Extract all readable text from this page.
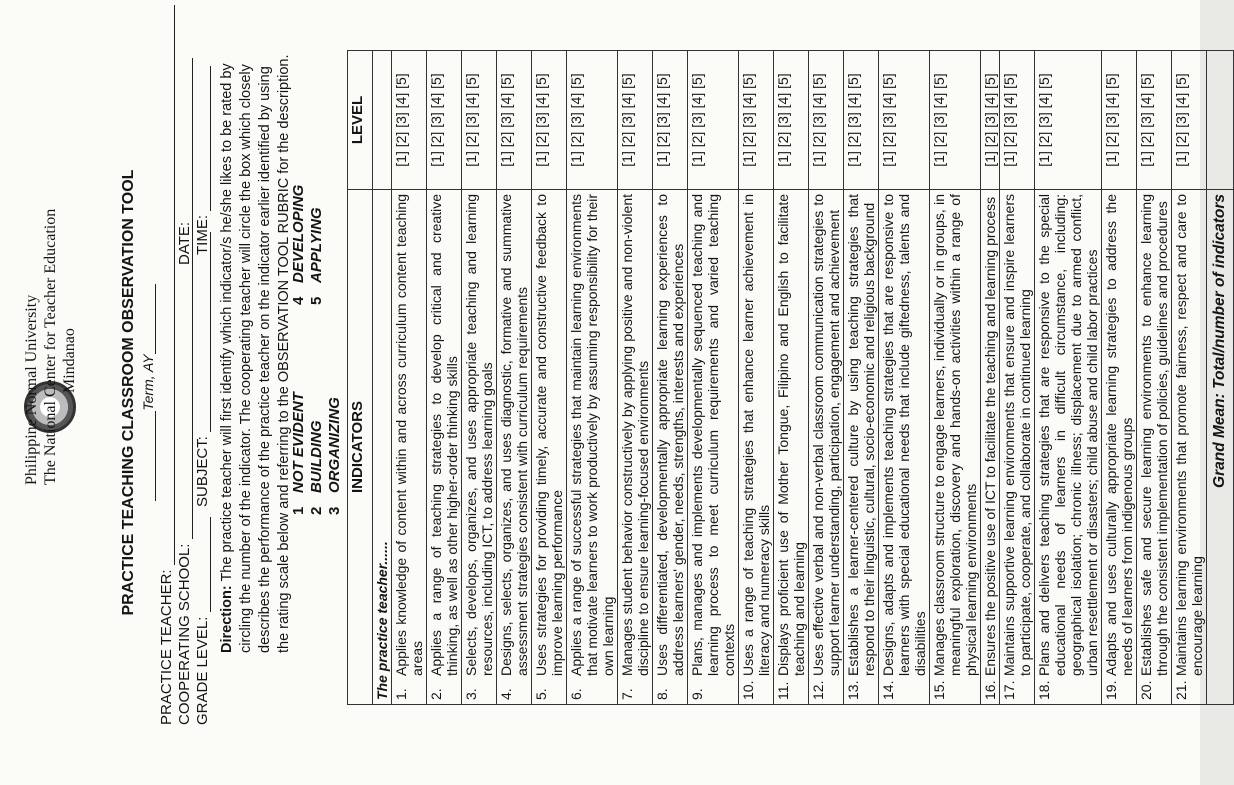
Philippine Normal University The National Center for Teacher Education Mindanao	PRACTICE TEACHING CLASSROOM OBSERVATION TOOL Term, AY
PRACTICE TEACHER: COOPERATING SCHOOL:
DATE:
GRADE LEVEL:
SUBJECT:
TIME:
Direction: The practice teacher will first identify which indicator/s he/she likes to be rated by circling the number of the indicator. The cooperating teacher will circle the box which closely describes the performance of the practice teacher on the indicator earlier identified by using the rating scale below and referring to the OBSERVATION TOOL RUBRIC for the description.
1NOT EVIDENT
2BUILDING
3ORGANIZING
4DEVELOPING
5APPLYING
INDICATORS		LEVEL
The practice teacher......		
1.	Applies knowledge of content within and across curriculum content teaching areas	[1] [2] [3] [4] [5]
2.	Applies a range of teaching strategies to develop critical and creative thinking, as well as other higher-order thinking skills	[1] [2] [3] [4] [5]
3.	Selects, develops, organizes, and uses appropriate teaching and learning resources, including ICT, to address learning goals	[1] [2] [3] [4] [5]
4.	Designs, selects, organizes, and uses diagnostic, formative and summative assessment strategies consistent with curriculum requirements	[1] [2] [3] [4] [5]
5.	Uses strategies for providing timely, accurate and constructive feedback to improve learning performance	[1] [2] [3] [4] [5]
6.	Applies a range of successful strategies that maintain learning environments that motivate learners to work productively by assuming responsibility for their own learning	[1] [2] [3] [4] [5]
7.	Manages student behavior constructively by applying positive and non-violent discipline to ensure learning-focused environments	[1] [2] [3] [4] [5]
8.	Uses differentiated, developmentally appropriate learning experiences to address learners' gender, needs, strengths, interests and experiences	[1] [2] [3] [4] [5]
9.	Plans, manages and implements developmentally sequenced teaching and learning process to meet curriculum requirements and varied teaching contexts	[1] [2] [3] [4] [5]
10.	Uses a range of teaching strategies that enhance learner achievement in literacy and numeracy skills	[1] [2] [3] [4] [5]
11.	Displays proficient use of Mother Tongue, Filipino and English to facilitate teaching and learning	[1] [2] [3] [4] [5]
12.	Uses effective verbal and non-verbal classroom communication strategies to support learner understanding, participation, engagement and achievement	[1] [2] [3] [4] [5]
13.	Establishes a learner-centered culture by using teaching strategies that respond to their linguistic, cultural, socio-economic and religious background	[1] [2] [3] [4] [5]
14.	Designs, adapts and implements teaching strategies that are responsive to learners with special educational needs that include giftedness, talents and disabilities	[1] [2] [3] [4] [5]
15.	Manages classroom structure to engage learners, individually or in groups, in meaningful exploration, discovery and hands-on activities within a range of physical learning environments	[1] [2] [3] [4] [5]
16.	Ensures the positive use of ICT to facilitate the teaching and learning process	[1] [2] [3] [4] [5]
17.	Maintains supportive learning environments that ensure and inspire learners to participate, cooperate, and collaborate in continued learning	[1] [2] [3] [4] [5]
18.	Plans and delivers teaching strategies that are responsive to the special educational needs of learners in difficult circumstance, including: geographical isolation; chronic illness; displacement due to armed conflict, urban resettlement or disasters; child abuse and child labor practices	[1] [2] [3] [4] [5]
19.	Adapts and uses culturally appropriate learning strategies to address the needs of learners from indigenous groups	[1] [2] [3] [4] [5]
20.	Establishes safe and secure learning environments to enhance learning through the consistent implementation of policies, guidelines and procedures	[1] [2] [3] [4] [5]
21.	Maintains learning environments that promote fairness, respect and care to encourage learning	[1] [2] [3] [4] [5]
Grand Mean: Total/number of indicators		
